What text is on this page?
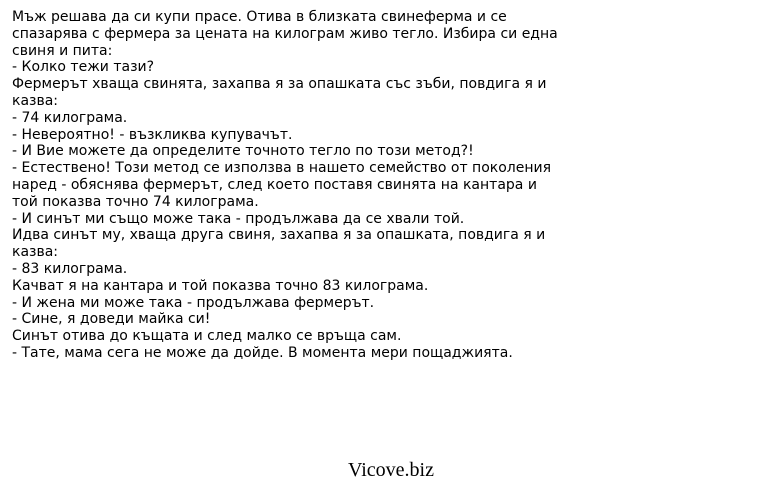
Мъж решава да си купи прасе. Отива в близката свинеферма и се
спазарява с фермера за цената на килограм живо тегло. Избира си една
свиня и пита:
- Колко тежи тази?
Фермерът хваща свинята, захапва я за опашката със зъби, повдига я и
казва:
- 74 килограма.
- Невероятно! - възкликва купувачът.
- И Вие можете да определите точното тегло по този метод?!
- Естествено! Този метод се използва в нашето семейство от поколения
наред - обяснява фермерът, след което поставя свинята на кантара и
той показва точно 74 килограма.
- И синът ми също може така - продължава да се хвали той.
Идва синът му, хваща друга свиня, захапва я за опашката, повдига я и
казва:
- 83 килограма.
Качват я на кантара и той показва точно 83 килограма.
- И жена ми може така - продължава фермерът.
- Сине, я доведи майка си!
Синът отива до къщата и след малко се връща сам.
- Тате, мама сега не може да дойде. В момента мери пощаджията.
Vicove.biz
